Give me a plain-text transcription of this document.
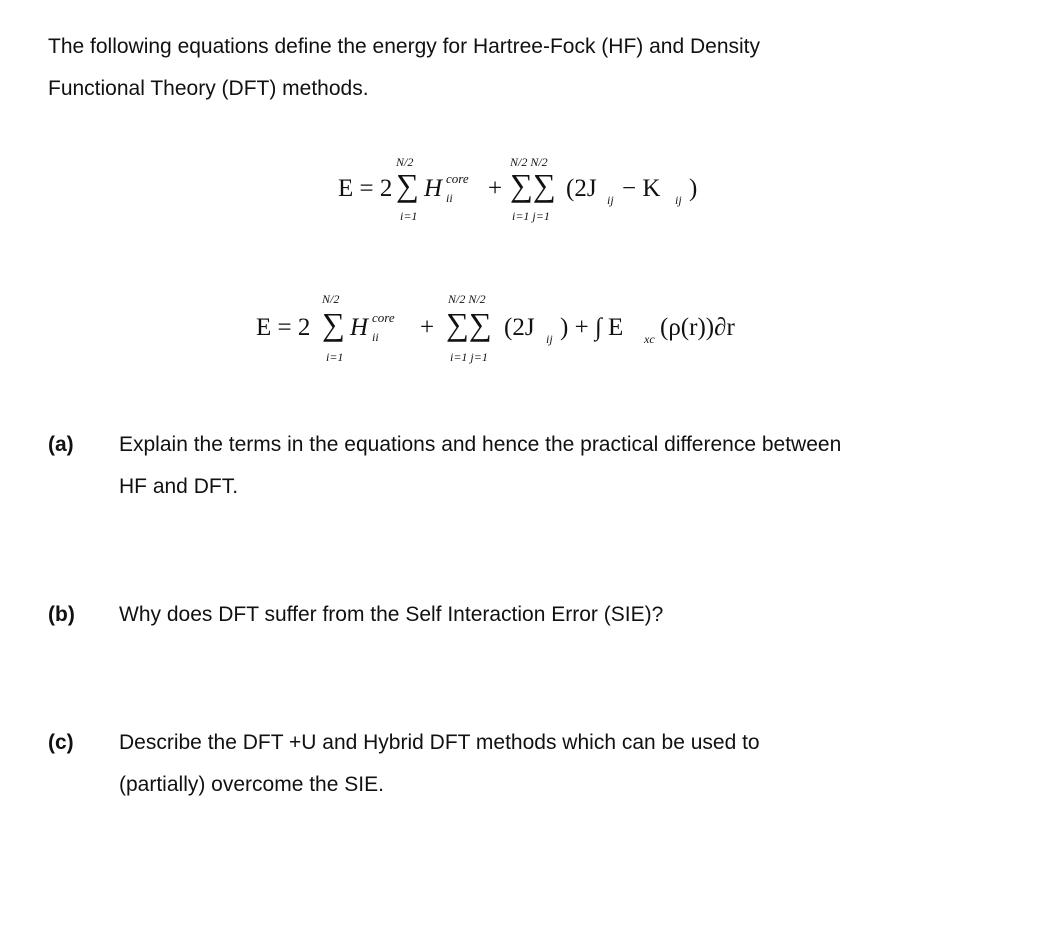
The following equations define the energy for Hartree-Fock (HF) and Density
Functional Theory (DFT) methods.
E = 2
N/2
∑
i=1
H core
ii +
N/2 N/2
∑∑
i=1 j=1
(2J ij − K ij )
E = 2
N/2
∑
i=1
H core
ii +
N/2 N/2
∑∑
i=1 j=1
(2J ij ) + ∫ E xc (ρ(r))∂r
(a) Explain the terms in the equations and hence the practical difference between
HF and DFT.
(b) Why does DFT suffer from the Self Interaction Error (SIE)?
(c) Describe the DFT +U and Hybrid DFT methods which can be used to
(partially) overcome the SIE.
